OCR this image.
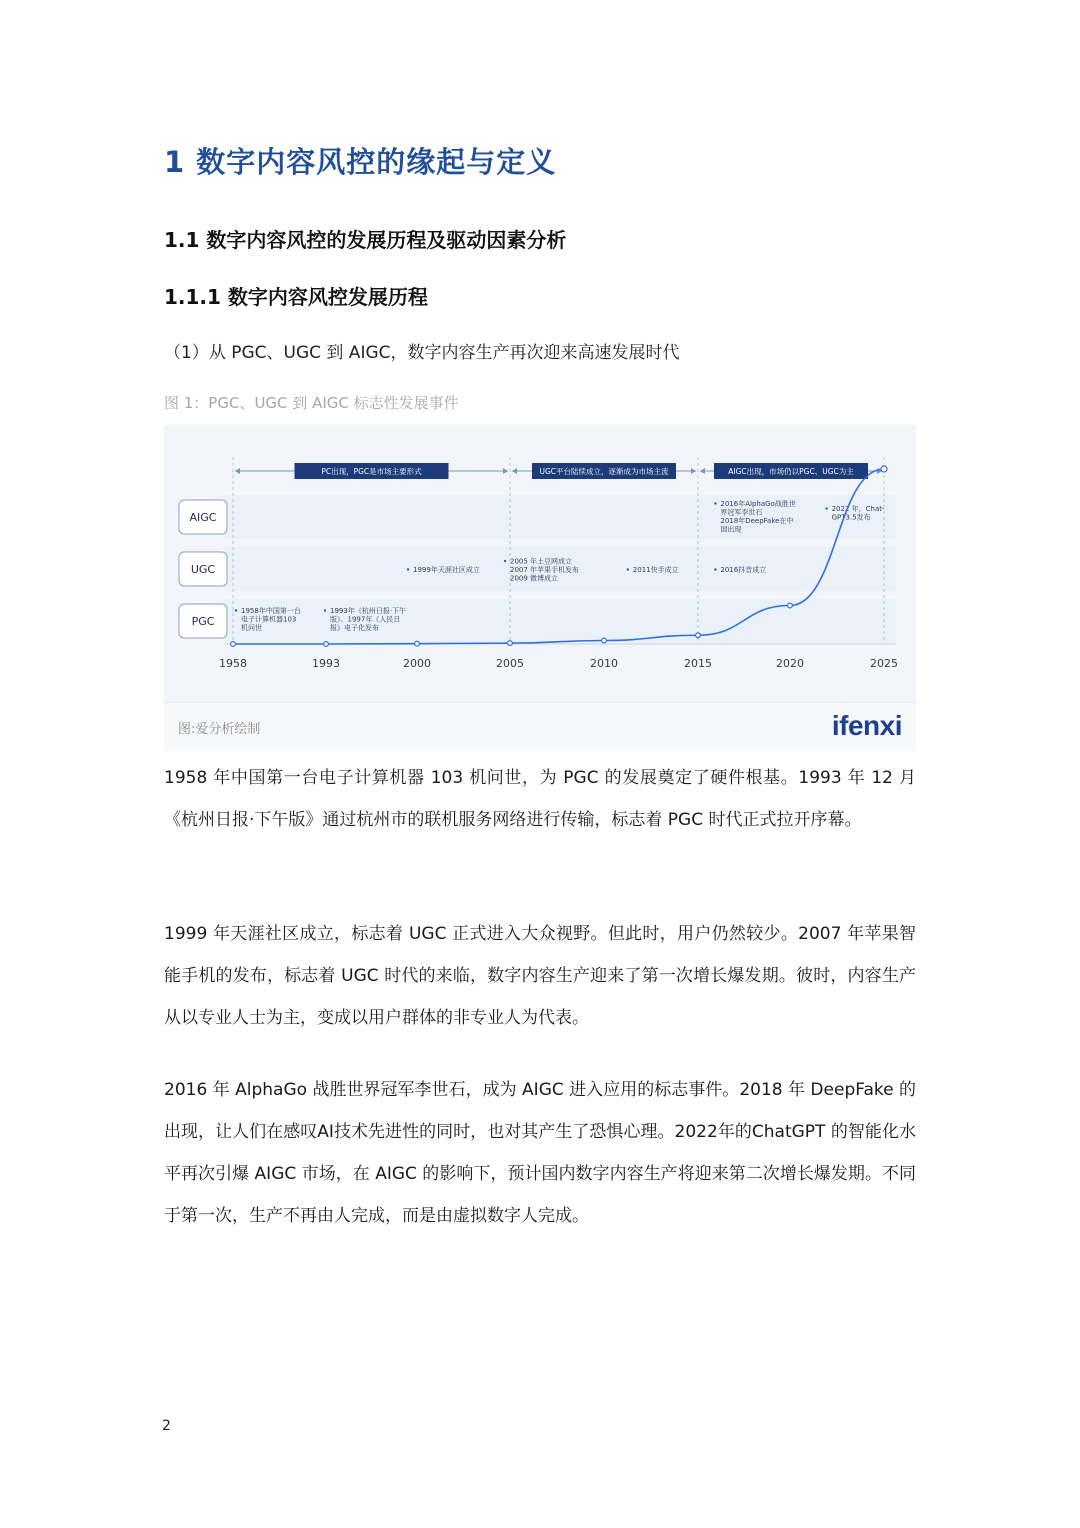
1 数字内容风控的缘起与定义
1.1 数字内容风控的发展历程及驱动因素分析
1.1.1 数字内容风控发展历程
（1）从 PGC、UGC 到 AIGC，数字内容生产再次迎来高速发展时代
图 1：PGC、UGC 到 AIGC 标志性发展事件
PC出现，PGC是市场主要形式	UGC平台陆续成立，逐渐成为市场主流	AIGC出现，市场仍以PGC、UGC为主
AIGC
UGC
PGC
1958年中国第一台
电子计算机器103
机问世
1993年《杭州日报·下午
版》、1997年《人民日
报》电子化发布
1999年天涯社区成立
2005 年土豆网成立
2007 年苹果手机发布
2009 微博成立
2011快手成立	2016抖音成立
2016年AlphaGo战胜世
界冠军李世石
2018年DeepFake在中
国出现
2022 年，Chat-
GPT3.5发布
1958	1993	2000	2005	2010	2015	2020	2025
图:爱分析绘制	ifenxi
1958 年中国第一台电子计算机器 103 机问世，为 PGC 的发展奠定了硬件根基。1993 年 12 月《杭州日报·下午版》通过杭州市的联机服务网络进行传输，标志着 PGC 时代正式拉开序幕。
1999 年天涯社区成立，标志着 UGC 正式进入大众视野。但此时，用户仍然较少。2007 年苹果智能手机的发布，标志着 UGC 时代的来临，数字内容生产迎来了第一次增长爆发期。彼时，内容生产从以专业人士为主，变成以用户群体的非专业人为代表。
2016 年 AlphaGo 战胜世界冠军李世石，成为 AIGC 进入应用的标志事件。2018 年 DeepFake 的出现，让人们在感叹AI技术先进性的同时，也对其产生了恐惧心理。2022年的ChatGPT 的智能化水平再次引爆 AIGC 市场，在 AIGC 的影响下，预计国内数字内容生产将迎来第二次增长爆发期。不同于第一次，生产不再由人完成，而是由虚拟数字人完成。
2
